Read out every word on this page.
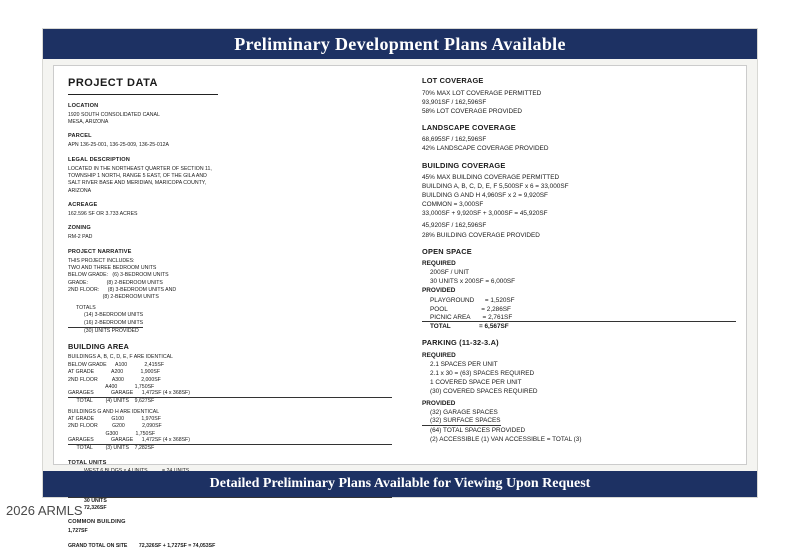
Preliminary Development Plans Available
PROJECT DATA
LOCATION
1920 SOUTH CONSOLIDATED CANAL
MESA, ARIZONA
PARCEL
APN 136-25-001, 136-25-009, 136-25-012A
LEGAL DESCRIPTION
LOCATED IN THE NORTHEAST QUARTER OF SECTION 11,
TOWNSHIP 1 NORTH, RANGE 5 EAST, OF THE GILA AND
SALT RIVER BASE AND MERIDIAN, MARICOPA COUNTY,
ARIZONA
ACREAGE
162.596 SF OR 3.733 ACRES
ZONING
RM-2 PAD
PROJECT NARRATIVE
THIS PROJECT INCLUDES:
TWO AND THREE BEDROOM UNITS
BELOW GRADE:   (6) 3-BEDROOM UNITS
GRADE:             (8) 2-BEDROOM UNITS
2ND FLOOR:      (8) 3-BEDROOM UNITS AND
(8) 2-BEDROOM UNITS
TOTALS
(14) 3-BEDROOM UNITS
(16) 2-BEDROOM UNITS
(30) UNITS PROVIDED
BUILDING AREA
BUILDINGS A, B, C, D, E, F ARE IDENTICAL
BELOW GRADE      A100            2,415SF
AT GRADE            A200            1,900SF
2ND FLOOR          A300            2,000SF
A400            1,750SF
GARAGES            GARAGE      1,472SF (4 x 368SF)
TOTAL         (4) UNITS    9,627SF
BUILDINGS G AND H ARE IDENTICAL
AT GRADE            G100            1,970SF
2ND FLOOR          G200            2,090SF
G300            1,750SF
GARAGES            GARAGE      1,472SF (4 x 368SF)
TOTAL         (3) UNITS    7,282SF
TOTAL UNITS
30 UNITS
72,326SF
COMMON BUILDING
1,727SF
GRAND TOTAL ON SITE 72,326SF + 1,727SF = 74,053SF
LOT COVERAGE
70% MAX LOT COVERAGE PERMITTED
93,901SF / 162,596SF
58% LOT COVERAGE PROVIDED
LANDSCAPE COVERAGE
68,695SF / 162,596SF
42% LANDSCAPE COVERAGE PROVIDED
BUILDING COVERAGE
45% MAX BUILDING COVERAGE PERMITTED
BUILDING A, B, C, D, E, F 5,500SF x 6 = 33,000SF
BUILDING G AND H 4,960SF x 2 = 9,920SF
COMMON = 3,000SF
33,000SF + 9,920SF + 3,000SF = 45,920SF
45,920SF / 162,596SF
28% BUILDING COVERAGE PROVIDED
OPEN SPACE
REQUIRED
200SF / UNIT
30 UNITS x 200SF = 6,000SF
PROVIDED
PLAYGROUND      = 1,520SF
POOL                   = 2,286SF
PICNIC AREA       = 2,761SF
TOTAL                = 6,567SF
PARKING (11-32-3.A)
REQUIRED
2.1 SPACES PER UNIT
2.1 x 30 = (63) SPACES REQUIRED
1 COVERED SPACE PER UNIT
(30) COVERED SPACES REQUIRED
PROVIDED
(32) GARAGE SPACES
(32) SURFACE SPACES
(64) TOTAL SPACES PROVIDED
(2) ACCESSIBLE (1) VAN ACCESSIBLE = TOTAL (3)
Detailed Preliminary Plans Available for Viewing Upon Request
2026 ARMLS
